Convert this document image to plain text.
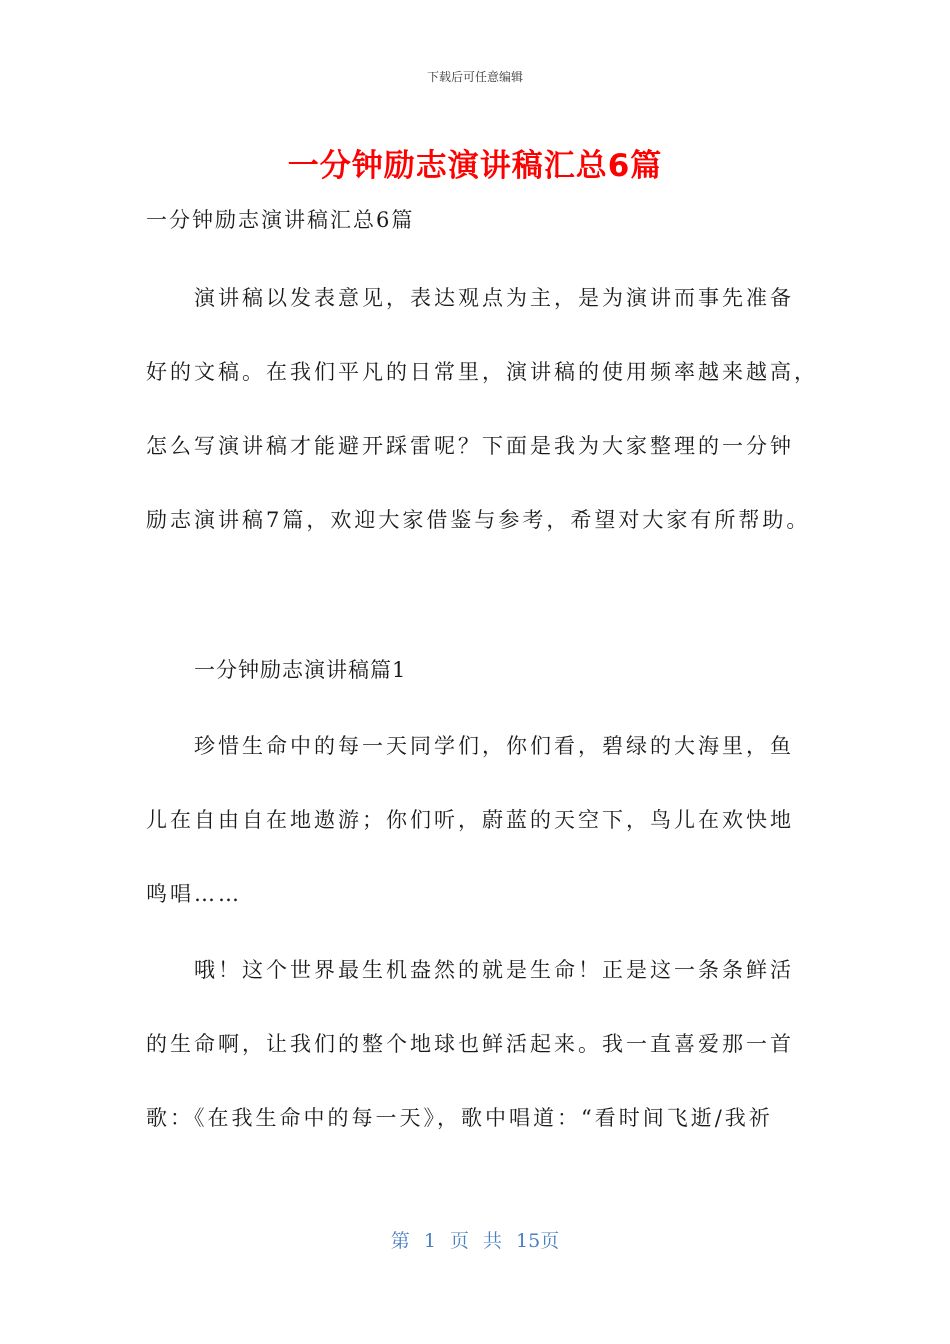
下载后可任意编辑
一分钟励志演讲稿汇总6篇
一分钟励志演讲稿汇总6篇
演讲稿以发表意见，表达观点为主，是为演讲而事先准备
好的文稿。在我们平凡的日常里，演讲稿的使用频率越来越高，
怎么写演讲稿才能避开踩雷呢？下面是我为大家整理的一分钟
励志演讲稿7篇，欢迎大家借鉴与参考，希望对大家有所帮助。
一分钟励志演讲稿篇1
珍惜生命中的每一天同学们，你们看，碧绿的大海里，鱼
儿在自由自在地遨游；你们听，蔚蓝的天空下，鸟儿在欢快地
鸣唱……
哦！这个世界最生机盎然的就是生命！正是这一条条鲜活
的生命啊，让我们的整个地球也鲜活起来。我一直喜爱那一首
歌：《在我生命中的每一天》，歌中唱道：“看时间飞逝/我祈
第 1 页 共 15页
